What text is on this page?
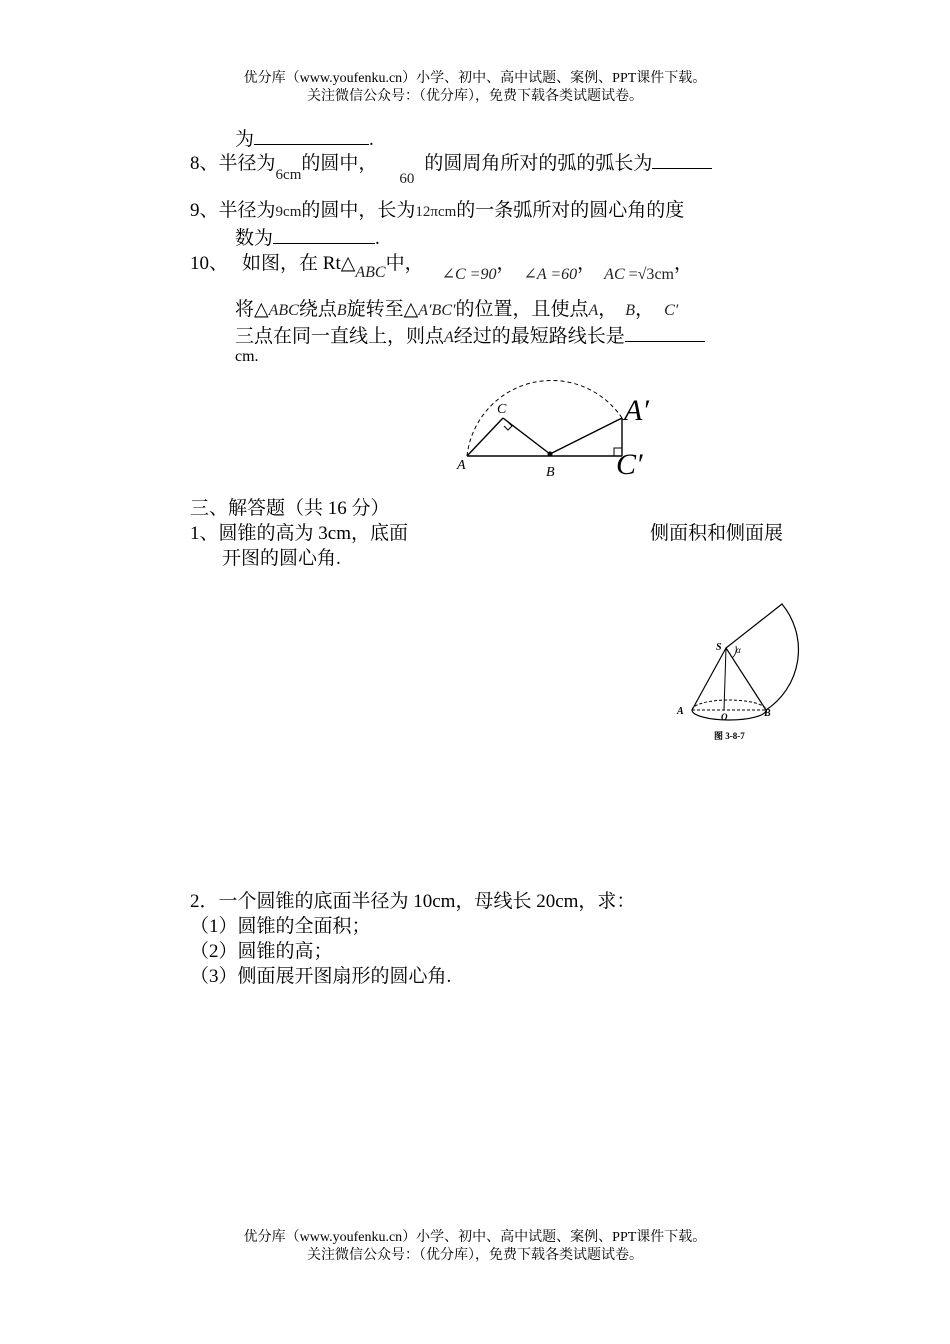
优分库（www.youfenku.cn）小学、初中、高中试题、案例、PPT课件下载。
关注微信公众号：（优分库），免费下载各类试题试卷。
为	.
8、半径为$_{6cm}$的圆中，$_{60}$的圆周角所对的弧的弧长为
9、半径为9cm的圆中，长为12πcm的一条弧所对的圆心角的度
数为	.
10、 如图，在 $Rt\triangle_{ABC}$中，$_{\angle C =90}$，$_{\angle A =60}$，$_{AC =√3cm}$，
将△ABC绕点B旋转至△A′BC′的位置，且使点A， B， C′
三点在同一直线上，则点A经过的最短路线长是
cm.
A	B
C	A′
C′
三、解答题（共 16 分）
1、圆锥的高为 3cm，底面	侧面积和侧面展
开图的圆心角.
S α
A	O	B
图 3-8-7
2．一个圆锥的底面半径为 10cm，母线长 20cm，求：
（1）圆锥的全面积；
（2）圆锥的高；
（3）侧面展开图扇形的圆心角.
优分库（www.youfenku.cn）小学、初中、高中试题、案例、PPT课件下载。
关注微信公众号：（优分库），免费下载各类试题试卷。
